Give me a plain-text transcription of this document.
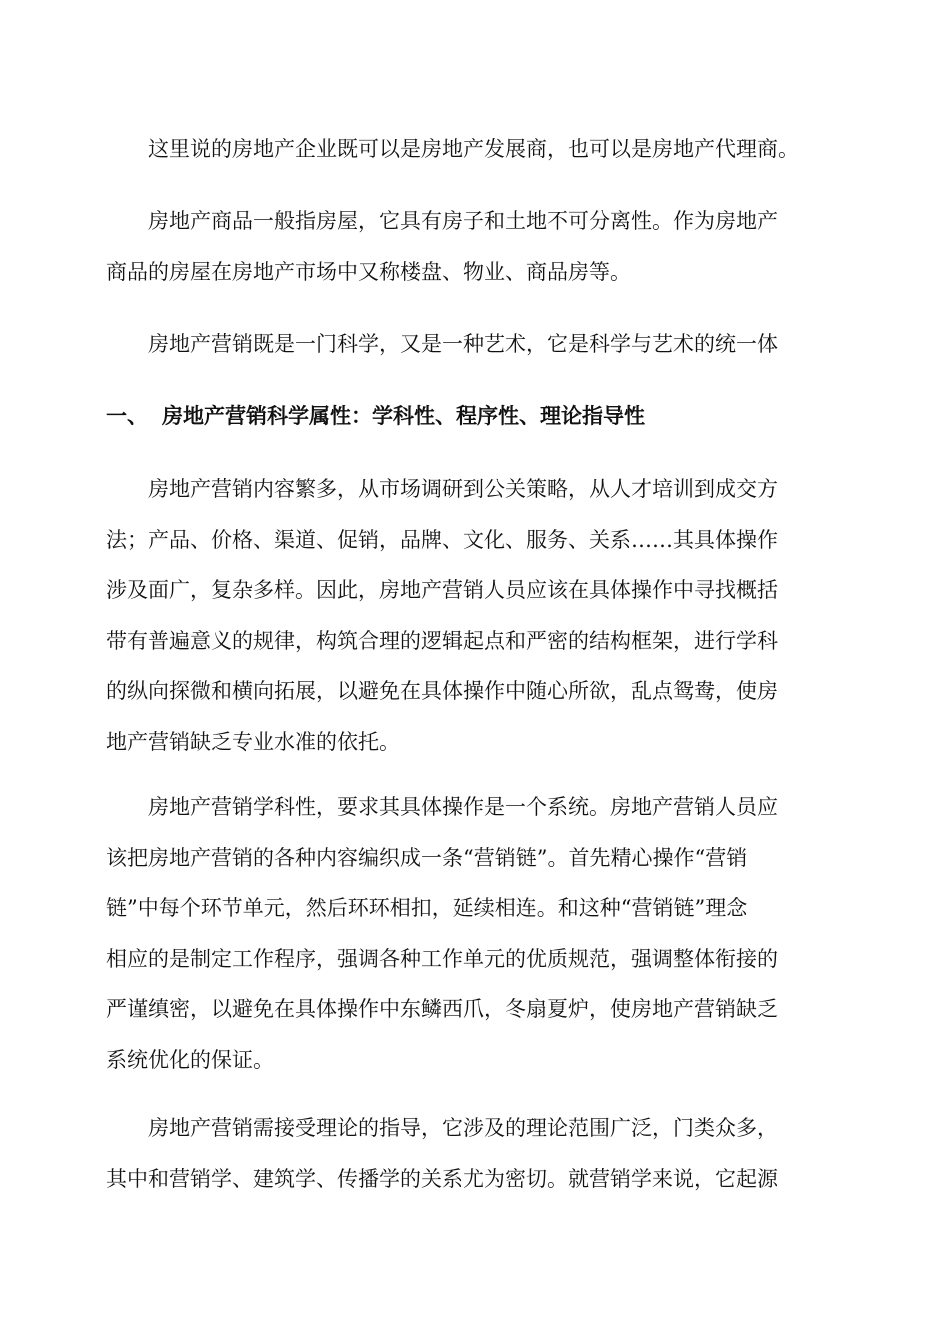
这里说的房地产企业既可以是房地产发展商，也可以是房地产代理商。
房地产商品一般指房屋，它具有房子和土地不可分离性。作为房地产
商品的房屋在房地产市场中又称楼盘、物业、商品房等。
房地产营销既是一门科学，又是一种艺术，它是科学与艺术的统一体
一、 房地产营销科学属性：学科性、程序性、理论指导性
房地产营销内容繁多，从市场调研到公关策略，从人才培训到成交方
法；产品、价格、渠道、促销，品牌、文化、服务、关系……其具体操作
涉及面广，复杂多样。因此，房地产营销人员应该在具体操作中寻找概括
带有普遍意义的规律，构筑合理的逻辑起点和严密的结构框架，进行学科
的纵向探微和横向拓展，以避免在具体操作中随心所欲，乱点鸳鸯，使房
地产营销缺乏专业水准的依托。
房地产营销学科性，要求其具体操作是一个系统。房地产营销人员应
该把房地产营销的各种内容编织成一条“营销链”。首先精心操作“营销
链”中每个环节单元，然后环环相扣，延续相连。和这种“营销链”理念
相应的是制定工作程序，强调各种工作单元的优质规范，强调整体衔接的
严谨缜密，以避免在具体操作中东鳞西爪，冬扇夏炉，使房地产营销缺乏
系统优化的保证。
房地产营销需接受理论的指导，它涉及的理论范围广泛，门类众多，
其中和营销学、建筑学、传播学的关系尤为密切。就营销学来说，它起源
